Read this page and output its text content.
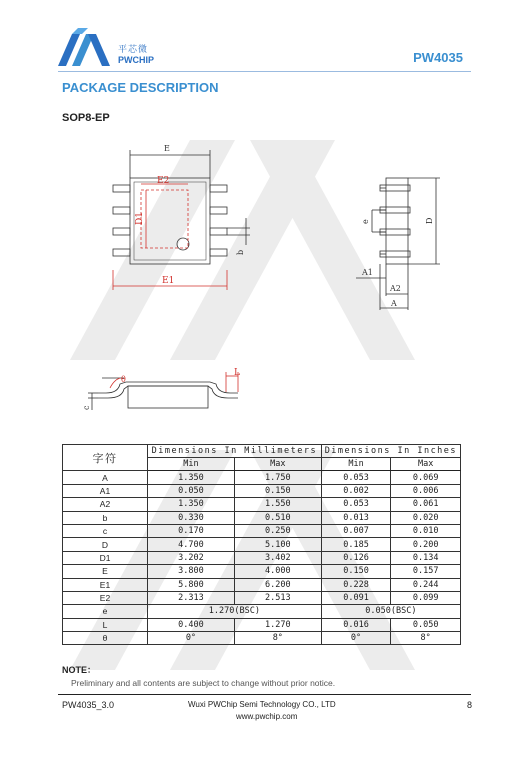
平芯微
PWCHIP	PW4035
PACKAGE DESCRIPTION
SOP8-EP
E
E2
D1
E1
b
e	D
A1
A2
A
θ
L
c
字符	Dimensions In Millimeters		Dimensions In Inches	
	Min	Max	Min	Max
A	1.350	1.750	0.053	0.069
A1	0.050	0.150	0.002	0.006
A2	1.350	1.550	0.053	0.061
b	0.330	0.510	0.013	0.020
c	0.170	0.250	0.007	0.010
D	4.700	5.100	0.185	0.200
D1	3.202	3.402	0.126	0.134
E	3.800	4.000	0.150	0.157
E1	5.800	6.200	0.228	0.244
E2	2.313	2.513	0.091	0.099
e	1.270(BSC)		0.050(BSC)	
L	0.400	1.270	0.016	0.050
θ	0°	8°	0°	8°
NOTE：
Preliminary and all contents are subject to change without prior notice.
PW4035_3.0	Wuxi PWChip Semi Technology CO., LTD
www.pwchip.com
8
